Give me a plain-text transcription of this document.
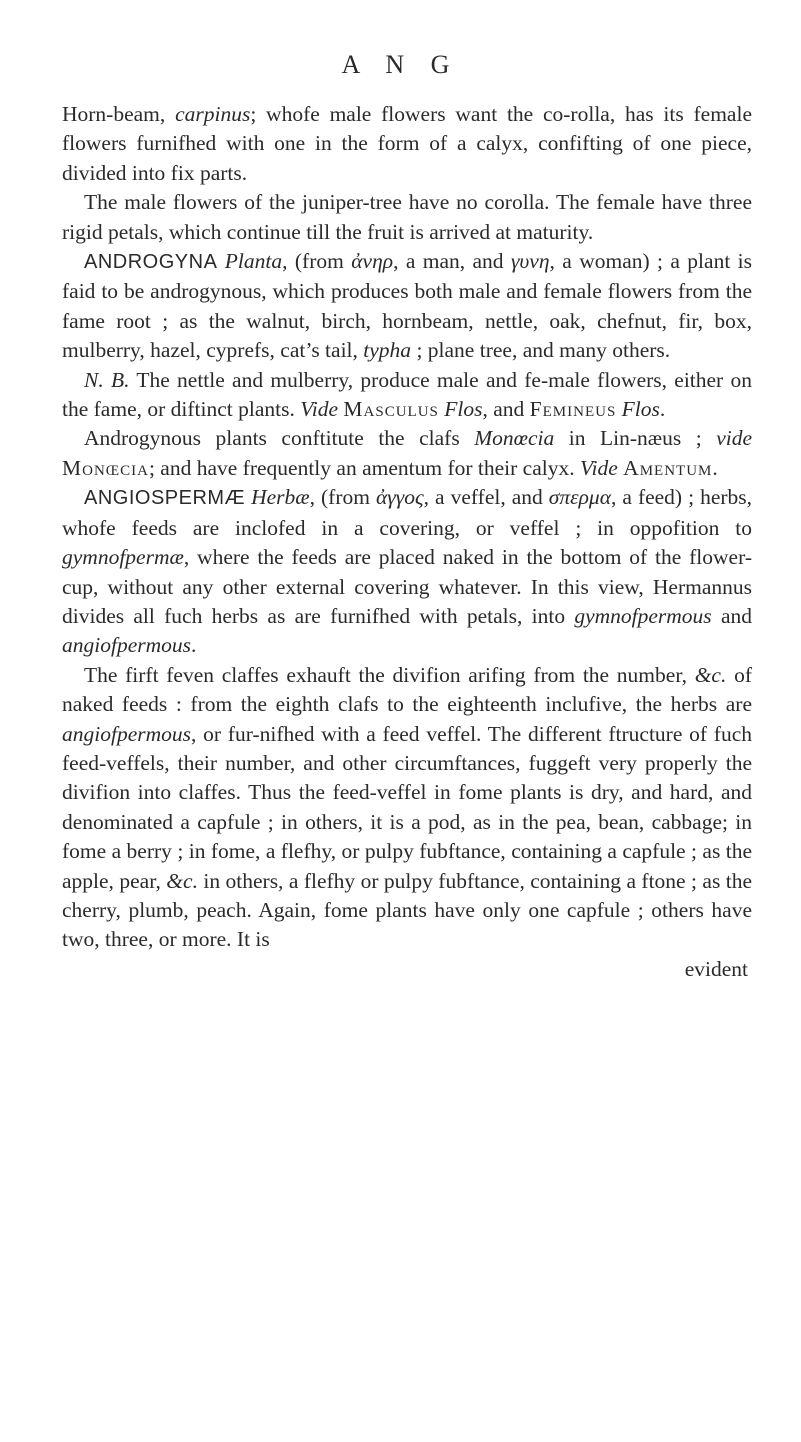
A N G

Horn-beam, carpinus; whofe male flowers want the co-rolla, has its female flowers furnifhed with one in the form of a calyx, confifting of one piece, divided into fix parts.

The male flowers of the juniper-tree have no corolla. The female have three rigid petals, which continue till the fruit is arrived at maturity.

ANDROGYNA Planta, (from ἀνηρ, a man, and γυνη, a woman) ; a plant is faid to be androgynous, which produces both male and female flowers from the fame root ; as the walnut, birch, hornbeam, nettle, oak, chefnut, fir, box, mulberry, hazel, cyprefs, cat’s tail, typha ; plane tree, and many others.

N. B. The nettle and mulberry, produce male and fe-male flowers, either on the fame, or diftinct plants. Vide Masculus Flos, and Femineus Flos.

Androgynous plants conftitute the clafs Monœcia in Lin-næus ; vide Monœcia; and have frequently an amentum for their calyx. Vide Amentum.

ANGIOSPERMÆ Herbæ, (from ἀγγος, a veffel, and σπερμα, a feed) ; herbs, whofe feeds are inclofed in a covering, or veffel ; in oppofition to gymnofpermæ, where the feeds are placed naked in the bottom of the flower-cup, without any other external covering whatever. In this view, Hermannus divides all fuch herbs as are furnifhed with petals, into gymnofpermous and angiofpermous.

The firft feven claffes exhauft the divifion arifing from the number, &c. of naked feeds : from the eighth clafs to the eighteenth inclufive, the herbs are angiofpermous, or fur-nifhed with a feed veffel. The different ftructure of fuch feed-veffels, their number, and other circumftances, fuggeft very properly the divifion into claffes. Thus the feed-veffel in fome plants is dry, and hard, and denominated a capfule ; in others, it is a pod, as in the pea, bean, cabbage; in fome a berry ; in fome, a flefhy, or pulpy fubftance, containing a capfule ; as the apple, pear, &c. in others, a flefhy or pulpy fubftance, containing a ftone ; as the cherry, plumb, peach. Again, fome plants have only one capfule ; others have two, three, or more. It is

evident
